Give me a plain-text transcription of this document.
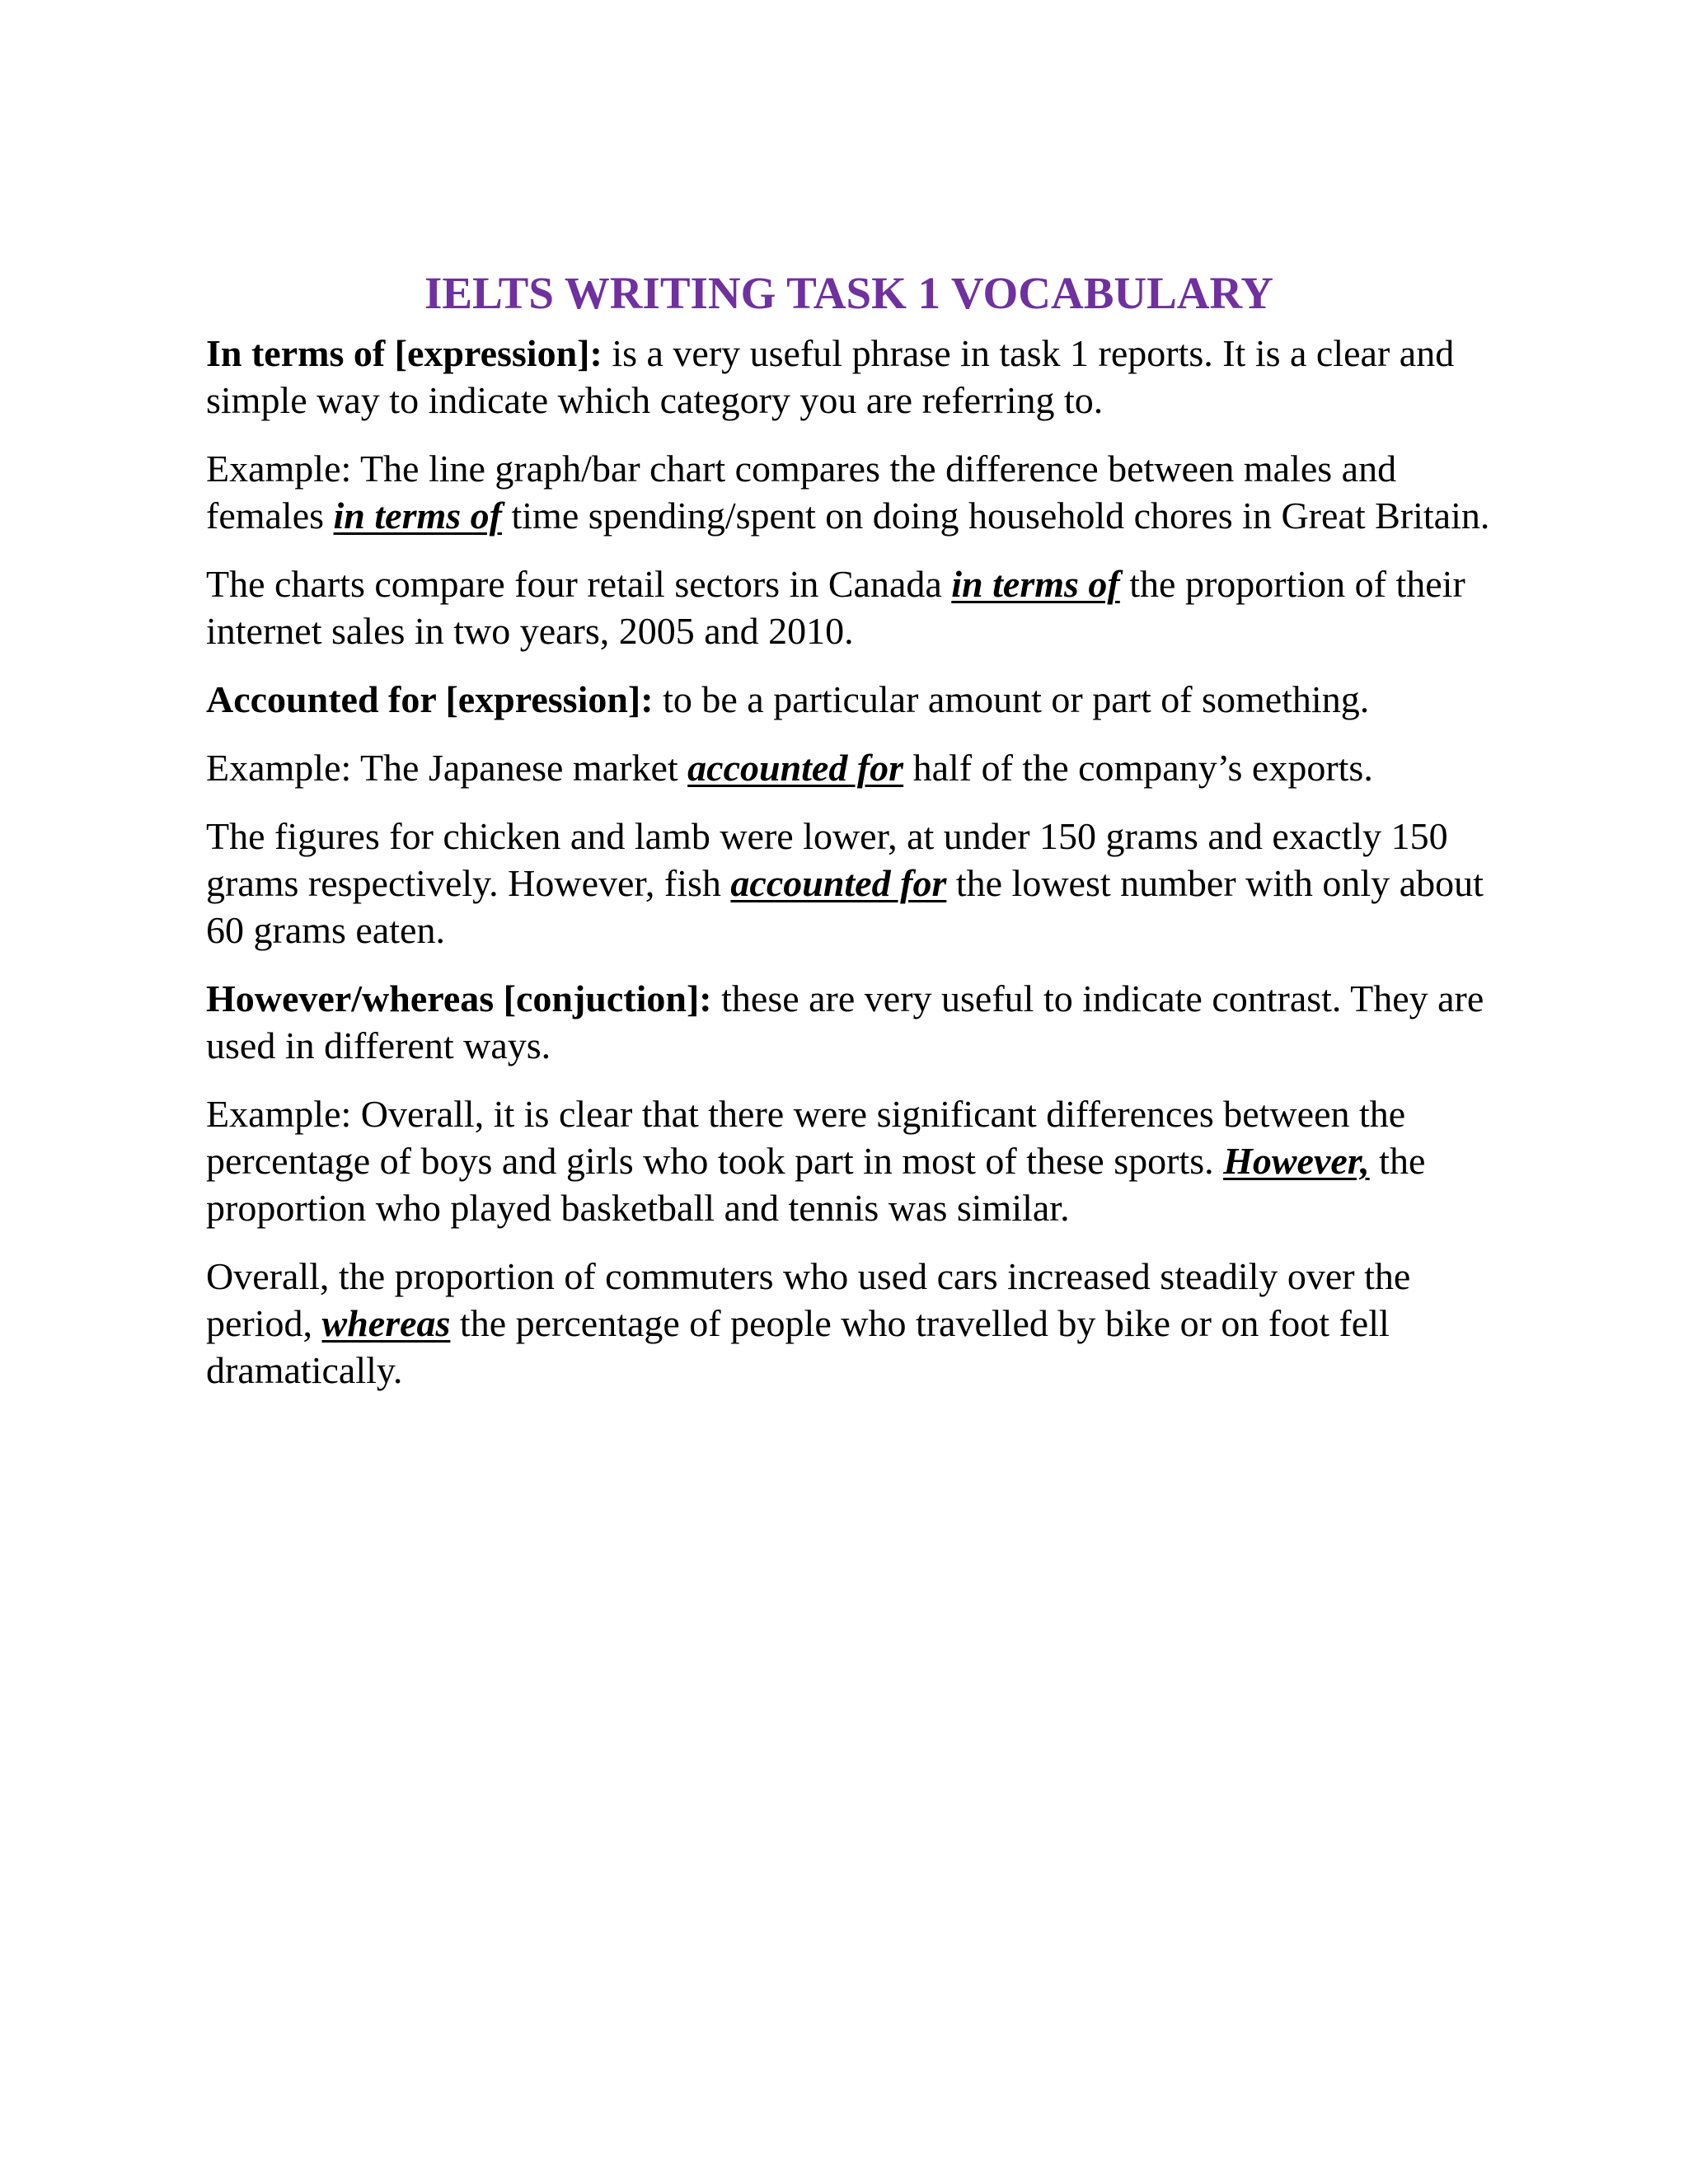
IELTS WRITING TASK 1 VOCABULARY

In terms of [expression]: is a very useful phrase in task 1 reports. It is a clear and simple way to indicate which category you are referring to.

Example: The line graph/bar chart compares the difference between males and females in terms of time spending/spent on doing household chores in Great Britain.

The charts compare four retail sectors in Canada in terms of the proportion of their internet sales in two years, 2005 and 2010.

Accounted for [expression]: to be a particular amount or part of something.

Example: The Japanese market accounted for half of the company’s exports.

The figures for chicken and lamb were lower, at under 150 grams and exactly 150 grams respectively. However, fish accounted for the lowest number with only about 60 grams eaten.

However/whereas [conjuction]: these are very useful to indicate contrast. They are used in different ways.

Example: Overall, it is clear that there were significant differences between the percentage of boys and girls who took part in most of these sports. However, the proportion who played basketball and tennis was similar.

Overall, the proportion of commuters who used cars increased steadily over the period, whereas the percentage of people who travelled by bike or on foot fell dramatically.
